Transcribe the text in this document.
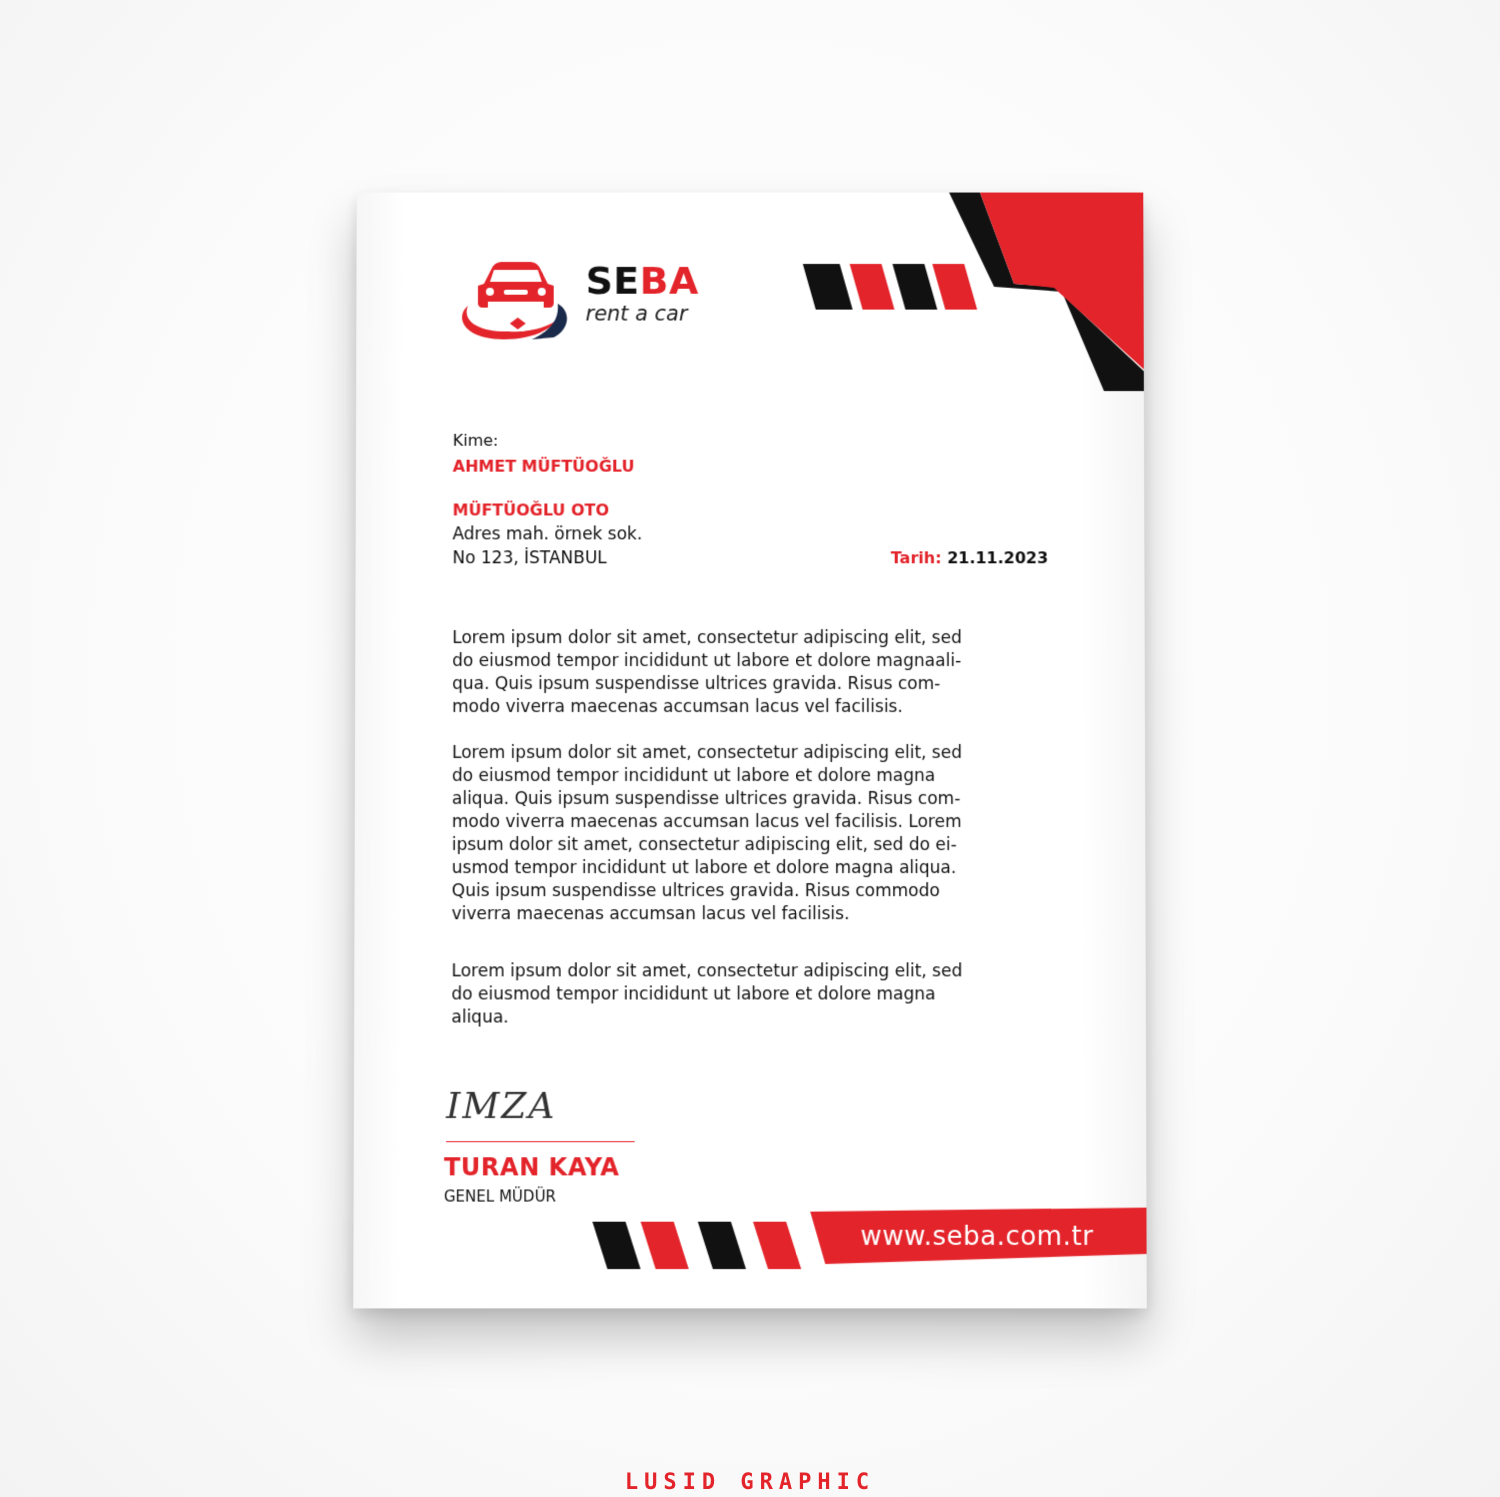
SEBA
rent a car
Kime:
AHMET MÜFTÜOĞLU
MÜFTÜOĞLU OTO
Adres mah. örnek sok.
No 123, İSTANBUL	Tarih: 21.11.2023

Lorem ipsum dolor sit amet, consectetur adipiscing elit, sed

do eiusmod tempor incididunt ut labore et dolore magnaali-

qua. Quis ipsum suspendisse ultrices gravida. Risus com-

modo viverra maecenas accumsan lacus vel facilisis.

Lorem ipsum dolor sit amet, consectetur adipiscing elit, sed

do eiusmod tempor incididunt ut labore et dolore magna

aliqua. Quis ipsum suspendisse ultrices gravida. Risus com-

modo viverra maecenas accumsan lacus vel facilisis. Lorem

ipsum dolor sit amet, consectetur adipiscing elit, sed do ei-

usmod tempor incididunt ut labore et dolore magna aliqua.

Quis ipsum suspendisse ultrices gravida. Risus commodo

viverra maecenas accumsan lacus vel facilisis.

Lorem ipsum dolor sit amet, consectetur adipiscing elit, sed

do eiusmod tempor incididunt ut labore et dolore magna

aliqua.

IMZA
TURAN KAYA
GENEL MÜDÜR
www.seba.com.tr
LUSID GRAPHIC
